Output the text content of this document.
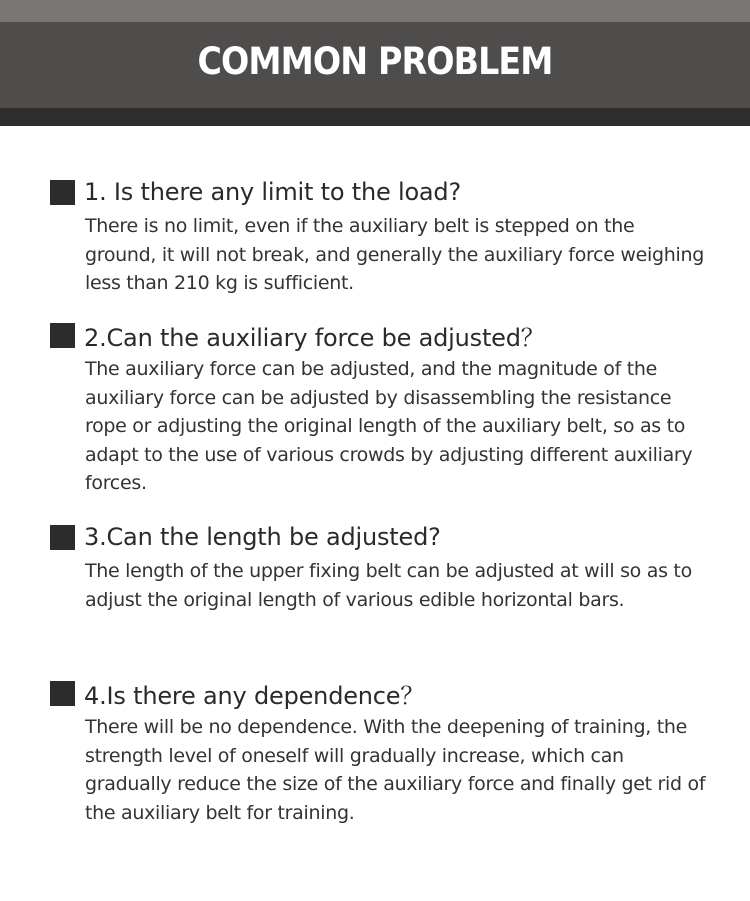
COMMON PROBLEM
1. Is there any limit to the load?
There is no limit, even if the auxiliary belt is stepped on the ground, it will not break, and generally the auxiliary force weighing less than 210 kg is sufficient.
2.Can the auxiliary force be adjusted？
The auxiliary force can be adjusted, and the magnitude of the auxiliary force can be adjusted by disassembling the resistance rope or adjusting the original length of the auxiliary belt, so as to adapt to the use of various crowds by adjusting different auxiliary forces.
3.Can the length be adjusted?
The length of the upper fixing belt can be adjusted at will so as to adjust the original length of various edible horizontal bars.
4.Is there any dependence？
There will be no dependence. With the deepening of training, the strength level of oneself will gradually increase, which can gradually reduce the size of the auxiliary force and finally get rid of the auxiliary belt for training.
